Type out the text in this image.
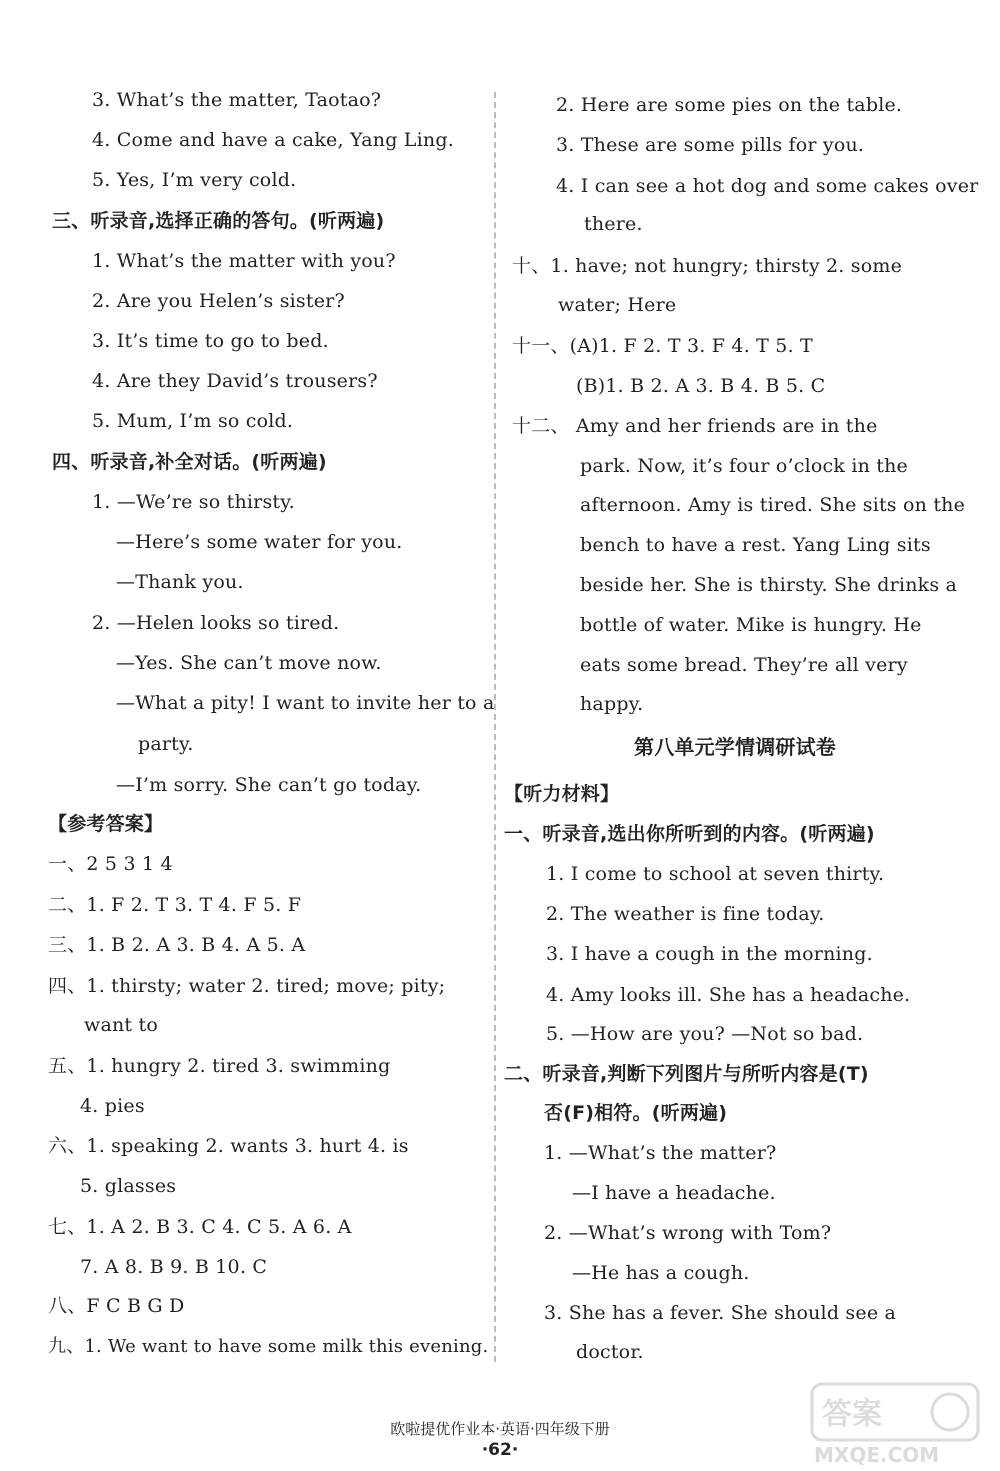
3. What’s the matter, Taotao?
4. Come and have a cake, Yang Ling.
5. Yes, I’m very cold.
三、听录音,选择正确的答句。(听两遍)
1. What’s the matter with you?
2. Are you Helen’s sister?
3. It’s time to go to bed.
4. Are they David’s trousers?
5. Mum, I’m so cold.
四、听录音,补全对话。(听两遍)
1. —We’re so thirsty.
—Here’s some water for you.
—Thank you.
2. —Helen looks so tired.
—Yes. She can’t move now.
—What a pity! I want to invite her to a
party.
—I’m sorry. She can’t go today.
【参考答案】
一、2 5 3 1 4
二、1. F 2. T 3. T 4. F 5. F
三、1. B 2. A 3. B 4. A 5. A
四、1. thirsty; water 2. tired; move; pity;
want to
五、1. hungry 2. tired 3. swimming
4. pies
六、1. speaking 2. wants 3. hurt 4. is
5. glasses
七、1. A 2. B 3. C 4. C 5. A 6. A
7. A 8. B 9. B 10. C
八、F C B G D
九、1. We want to have some milk this evening.
2. Here are some pies on the table.
3. These are some pills for you.
4. I can see a hot dog and some cakes over
there.
十、1. have; not hungry; thirsty 2. some
water; Here
十一、(A)1. F 2. T 3. F 4. T 5. T
(B)1. B 2. A 3. B 4. B 5. C
十二、 Amy and her friends are in the
park. Now, it’s four o’clock in the
afternoon. Amy is tired. She sits on the
bench to have a rest. Yang Ling sits
beside her. She is thirsty. She drinks a
bottle of water. Mike is hungry. He
eats some bread. They’re all very
happy.
第八单元学情调研试卷
【听力材料】
一、听录音,选出你所听到的内容。(听两遍)
1. I come to school at seven thirty.
2. The weather is fine today.
3. I have a cough in the morning.
4. Amy looks ill. She has a headache.
5. —How are you? —Not so bad.
二、听录音,判断下列图片与所听内容是(T)
否(F)相符。(听两遍)
1. —What’s the matter?
—I have a headache.
2. —What’s wrong with Tom?
—He has a cough.
3. She has a fever. She should see a
doctor.
欧啦提优作业本·英语·四年级下册
·62·
答案
MXQE.COM
